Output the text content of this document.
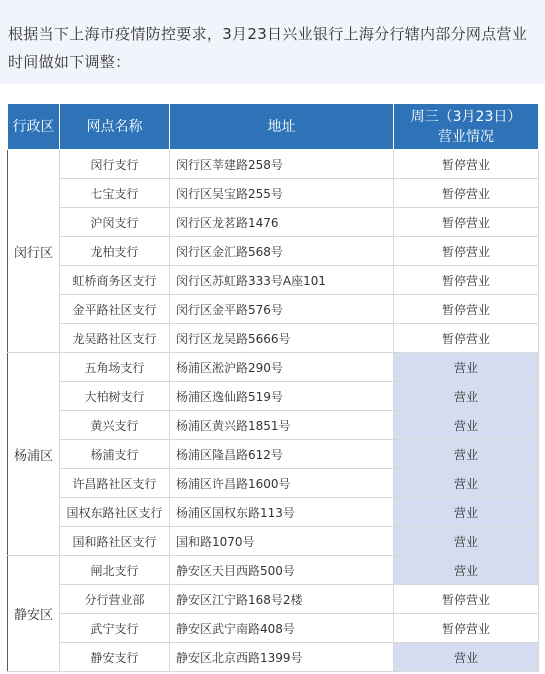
根据当下上海市疫情防控要求，3月23日兴业银行上海分行辖内部分网点营业时间做如下调整：
行政区	网点名称	地址	周三（3月23日）
营业情况

闵行区	闵行支行	闵行区莘建路258号	暂停营业
	七宝支行	闵行区吴宝路255号	暂停营业
	沪闵支行	闵行区龙茗路1476	暂停营业
	龙柏支行	闵行区金汇路568号	暂停营业
	虹桥商务区支行	闵行区苏虹路333号A座101	暂停营业
	金平路社区支行	闵行区金平路576号	暂停营业
	龙吴路社区支行	闵行区龙吴路5666号	暂停营业
杨浦区	五角场支行	杨浦区淞沪路290号	营业
	大柏树支行	杨浦区逸仙路519号	营业
	黄兴支行	杨浦区黄兴路1851号	营业
	杨浦支行	杨浦区隆昌路612号	营业
	许昌路社区支行	杨浦区许昌路1600号	营业
	国权东路社区支行	杨浦区国权东路113号	营业
	国和路社区支行	国和路1070号	营业
静安区	闸北支行	静安区天目西路500号	营业
	分行营业部	静安区江宁路168号2楼	暂停营业
	武宁支行	静安区武宁南路408号	暂停营业
	静安支行	静安区北京西路1399号	营业
